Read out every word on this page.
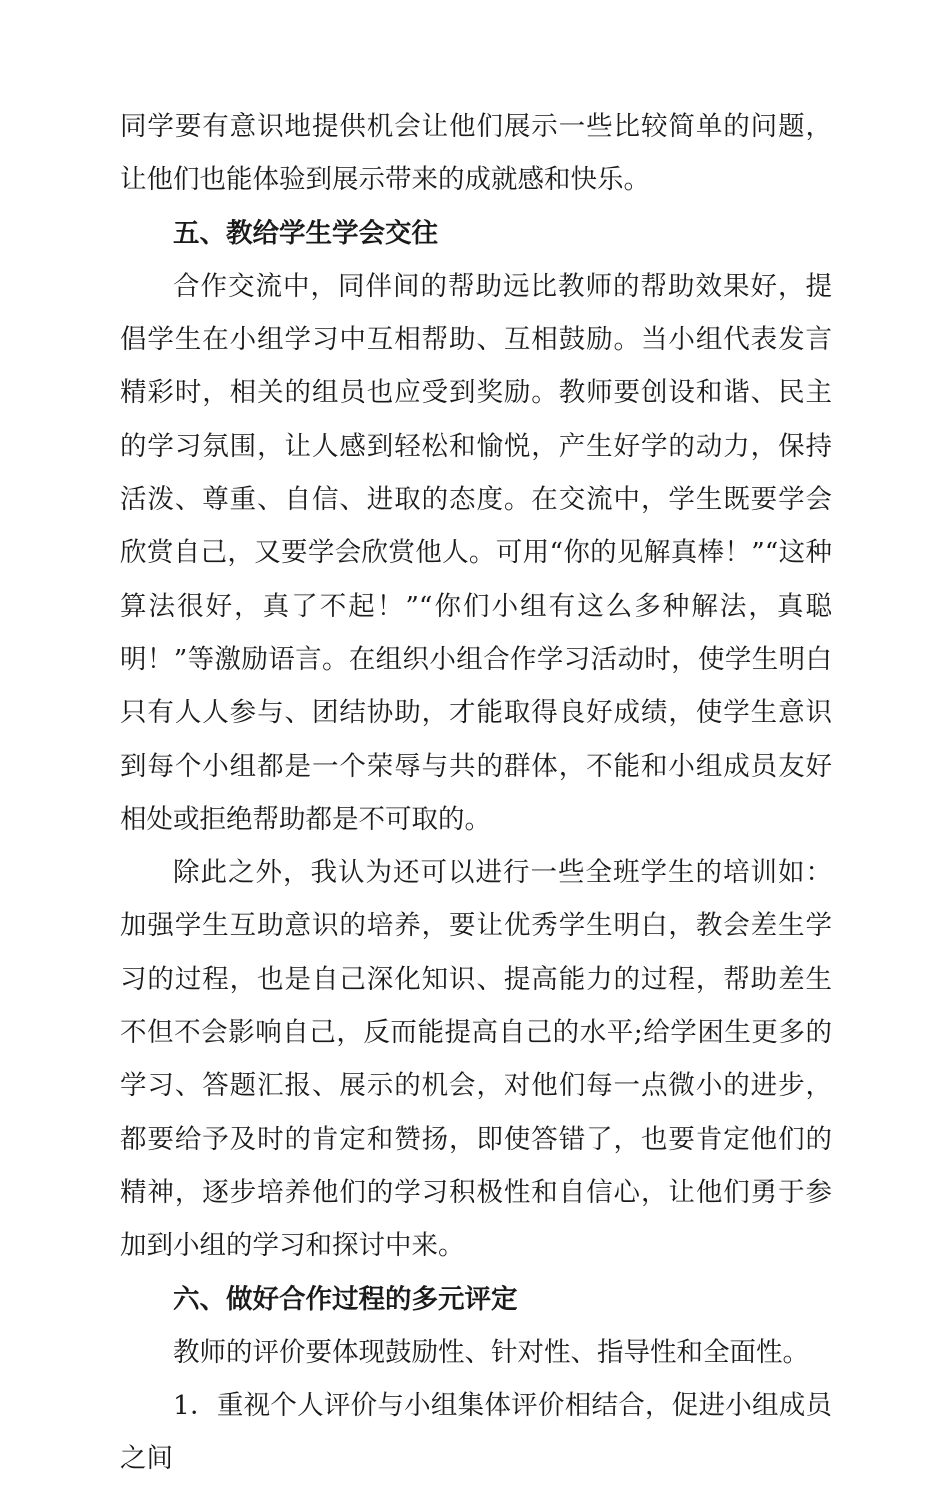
同学要有意识地提供机会让他们展示一些比较简单的问题，让他们也能体验到展示带来的成就感和快乐。

五、教给学生学会交往

合作交流中，同伴间的帮助远比教师的帮助效果好，提倡学生在小组学习中互相帮助、互相鼓励。当小组代表发言精彩时，相关的组员也应受到奖励。教师要创设和谐、民主的学习氛围，让人感到轻松和愉悦，产生好学的动力，保持活泼、尊重、自信、进取的态度。在交流中，学生既要学会欣赏自己，又要学会欣赏他人。可用“你的见解真棒！”“这种算法很好，真了不起！”“你们小组有这么多种解法，真聪明！”等激励语言。在组织小组合作学习活动时，使学生明白只有人人参与、团结协助，才能取得良好成绩，使学生意识到每个小组都是一个荣辱与共的群体，不能和小组成员友好相处或拒绝帮助都是不可取的。

除此之外，我认为还可以进行一些全班学生的培训如：加强学生互助意识的培养，要让优秀学生明白，教会差生学习的过程，也是自己深化知识、提高能力的过程，帮助差生不但不会影响自己，反而能提高自己的水平;给学困生更多的学习、答题汇报、展示的机会，对他们每一点微小的进步，都要给予及时的肯定和赞扬，即使答错了，也要肯定他们的精神，逐步培养他们的学习积极性和自信心，让他们勇于参加到小组的学习和探讨中来。

六、做好合作过程的多元评定

教师的评价要体现鼓励性、针对性、指导性和全面性。

1．重视个人评价与小组集体评价相结合，促进小组成员之间
